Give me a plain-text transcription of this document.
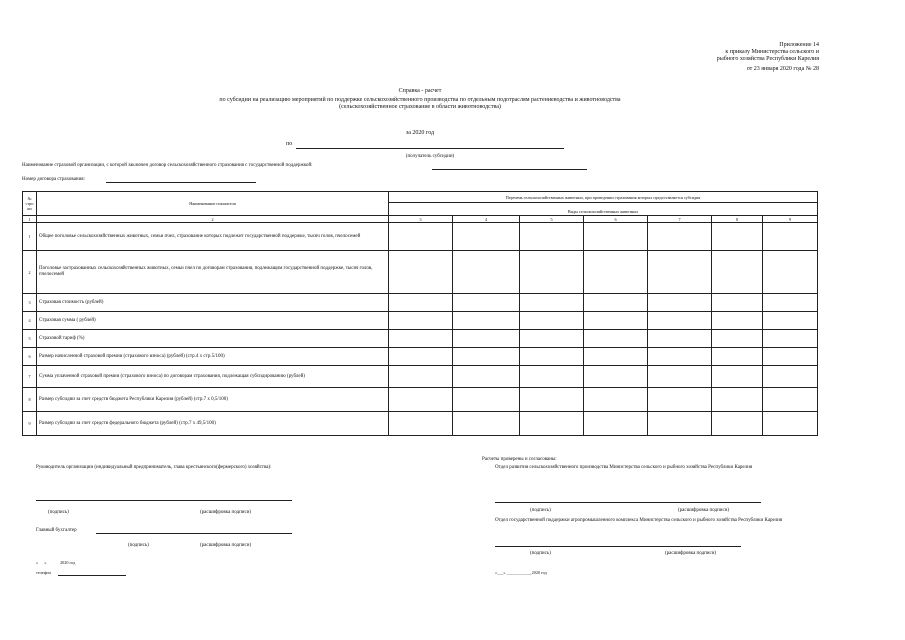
Приложение 14
к приказу Министерства сельского и
рыбного хозяйства Республики Карелия
от 23 января 2020 года № 28
Справка - расчет
по субсидии на реализацию мероприятий по поддержке сельскохозяйственного производства по отдельным подотраслям растениеводства и животноводства
(сельскохозяйственное страхование в области животноводства)
за 2020 год
по
(получатель субсидии)
Наименование страховой организации, с которой заключен договор сельскохозяйственного страхования с государственной поддержкой:
Номер договора страхования:
№ стро ки	Наименование показателя	Перечень сельскохозяйственных животных, при проведении страхования которых предоставляется субсидия						

		Виды сельскохозяйственных животных						
1	2	3	4	5	6	7	8	9
1	Общее поголовье сельскохозяйственных животных, семьи пчел, страхование которых подлежит государственной поддержке, тысяч голов, пчелосемей							
2	Поголовье застрахованных сельскохозяйственных животных, семьи пчел по договорам страхования, подлежащим государственной поддержке, тысяч голов, пчелосемей							
3	Страховая стоимость (рублей)							
4	Страховая сумма ( рублей)							
5	Страховой тариф (%)							
6	Размер начисленной страховой премии (страхового взноса) (рублей) (стр.4 х стр.5/100)							
7	Сумма уплаченной страховой премии (страхового взноса) по договорам страхования, подлежащая субсидированию (рублей)							
8	Размер субсидии за счет средств бюджета Республики Карелия (рублей) (стр.7 х 0,5/100)							
9	Размер субсидии за счет средств федерального бюджета (рублей) (стр.7 х 49,5/100)							
Руководитель организации (индивидуальный предприниматель, глава крестьянского(фермерского) хозяйства):
(подпись)	(расшифровка подписи)
Главный бухгалтер
(подпись)	(расшифровка подписи)
«      »             2020 год
телефон
Расчеты проверены и согласованы:
Отдел развития сельскохозяйственного производства Министерства сельского и рыбного хозяйства Республики Карелия
(подпись)	(расшифровка подписи)
Отдел государственной поддержки агропромышленного комплекса Министерства сельского и рыбного хозяйства Республики Карелия
(подпись)	(расшифровка подписи)
«___» ____________2020 год
